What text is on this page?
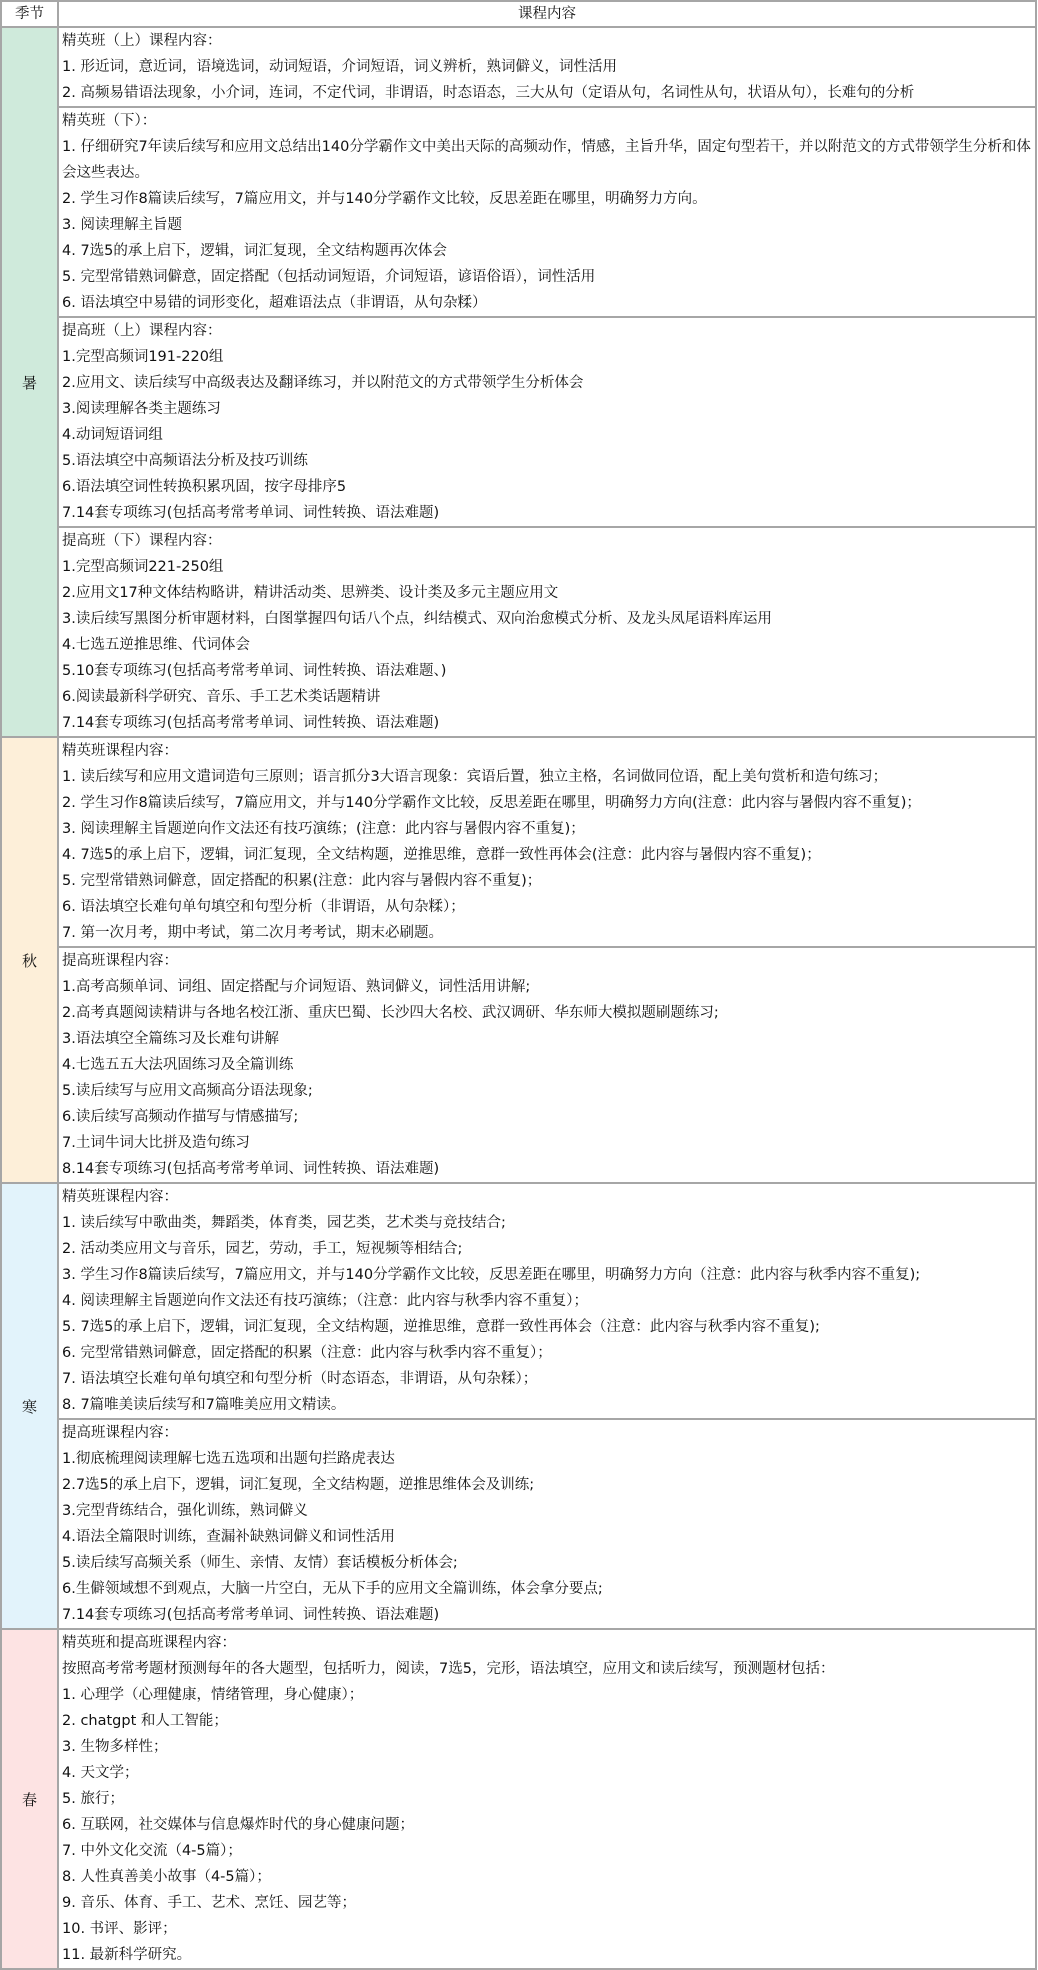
季节	课程内容
暑	精英班（上）课程内容：
1. 形近词，意近词，语境选词，动词短语，介词短语，词义辨析，熟词僻义，词性活用
2. 高频易错语法现象，小介词，连词，不定代词，非谓语，时态语态，三大从句（定语从句，名词性从句，状语从句），长难句的分析

精英班（下）：
1. 仔细研究7年读后续写和应用文总结出140分学霸作文中美出天际的高频动作，情感，主旨升华，固定句型若干，并以附范文的方式带领学生分析和体会这些表达。
2. 学生习作8篇读后续写，7篇应用文，并与140分学霸作文比较，反思差距在哪里，明确努力方向。
3. 阅读理解主旨题
4. 7选5的承上启下，逻辑，词汇复现，全文结构题再次体会
5. 完型常错熟词僻意，固定搭配（包括动词短语，介词短语，谚语俗语），词性活用
6. 语法填空中易错的词形变化，超难语法点（非谓语，从句杂糅）

提高班（上）课程内容：
1.完型高频词191-220组
2.应用文、读后续写中高级表达及翻译练习，并以附范文的方式带领学生分析体会
3.阅读理解各类主题练习
4.动词短语词组
5.语法填空中高频语法分析及技巧训练
6.语法填空词性转换积累巩固，按字母排序5
7.14套专项练习(包括高考常考单词、词性转换、语法难题)

提高班（下）课程内容：
1.完型高频词221-250组
2.应用文17种文体结构略讲，精讲活动类、思辨类、设计类及多元主题应用文
3.读后续写黑图分析审题材料，白图掌握四句话八个点，纠结模式、双向治愈模式分析、及龙头凤尾语料库运用
4.七选五逆推思维、代词体会
5.10套专项练习(包括高考常考单词、词性转换、语法难题、)
6.阅读最新科学研究、音乐、手工艺术类话题精讲
7.14套专项练习(包括高考常考单词、词性转换、语法难题)

秋	
精英班课程内容：
1. 读后续写和应用文遣词造句三原则；语言抓分3大语言现象：宾语后置，独立主格，名词做同位语，配上美句赏析和造句练习；
2. 学生习作8篇读后续写，7篇应用文，并与140分学霸作文比较，反思差距在哪里，明确努力方向(注意：此内容与暑假内容不重复)；
3. 阅读理解主旨题逆向作文法还有技巧演练；(注意：此内容与暑假内容不重复)；
4. 7选5的承上启下，逻辑，词汇复现，全文结构题，逆推思维，意群一致性再体会(注意：此内容与暑假内容不重复)；
5. 完型常错熟词僻意，固定搭配的积累(注意：此内容与暑假内容不重复)；
6. 语法填空长难句单句填空和句型分析（非谓语，从句杂糅）；
7. 第一次月考，期中考试，第二次月考考试，期末必刷题。

提高班课程内容：
1.高考高频单词、词组、固定搭配与介词短语、熟词僻义，词性活用讲解;
2.高考真题阅读精讲与各地名校江浙、重庆巴蜀、长沙四大名校、武汉调研、华东师大模拟题刷题练习;
3.语法填空全篇练习及长难句讲解
4.七选五五大法巩固练习及全篇训练
5.读后续写与应用文高频高分语法现象;
6.读后续写高频动作描写与情感描写;
7.土词牛词大比拼及造句练习
8.14套专项练习(包括高考常考单词、词性转换、语法难题)

寒	
精英班课程内容：
1. 读后续写中歌曲类，舞蹈类，体育类，园艺类，艺术类与竞技结合;
2. 活动类应用文与音乐，园艺，劳动，手工，短视频等相结合;
3. 学生习作8篇读后续写，7篇应用文，并与140分学霸作文比较，反思差距在哪里，明确努力方向（注意：此内容与秋季内容不重复);
4. 阅读理解主旨题逆向作文法还有技巧演练；（注意：此内容与秋季内容不重复）；
5. 7选5的承上启下，逻辑，词汇复现，全文结构题，逆推思维，意群一致性再体会（注意：此内容与秋季内容不重复);
6. 完型常错熟词僻意，固定搭配的积累（注意：此内容与秋季内容不重复）；
7. 语法填空长难句单句填空和句型分析（时态语态，非谓语，从句杂糅）；
8. 7篇唯美读后续写和7篇唯美应用文精读。

提高班课程内容：
1.彻底梳理阅读理解七选五选项和出题句拦路虎表达
2.7选5的承上启下，逻辑，词汇复现，全文结构题，逆推思维体会及训练;
3.完型背练结合，强化训练，熟词僻义
4.语法全篇限时训练，查漏补缺熟词僻义和词性活用
5.读后续写高频关系（师生、亲情、友情）套话模板分析体会;
6.生僻领域想不到观点，大脑一片空白，无从下手的应用文全篇训练，体会拿分要点;
7.14套专项练习(包括高考常考单词、词性转换、语法难题)

春	
精英班和提高班课程内容：
按照高考常考题材预测每年的各大题型，包括听力，阅读，7选5，完形，语法填空，应用文和读后续写，预测题材包括：
1. 心理学（心理健康，情绪管理，身心健康）；
2. chatgpt 和人工智能；
3. 生物多样性；
4. 天文学；
5. 旅行；
6. 互联网，社交媒体与信息爆炸时代的身心健康问题；
7. 中外文化交流（4-5篇）；
8. 人性真善美小故事（4-5篇）；
9. 音乐、体育、手工、艺术、烹饪、园艺等；
10. 书评、影评；
11. 最新科学研究。
